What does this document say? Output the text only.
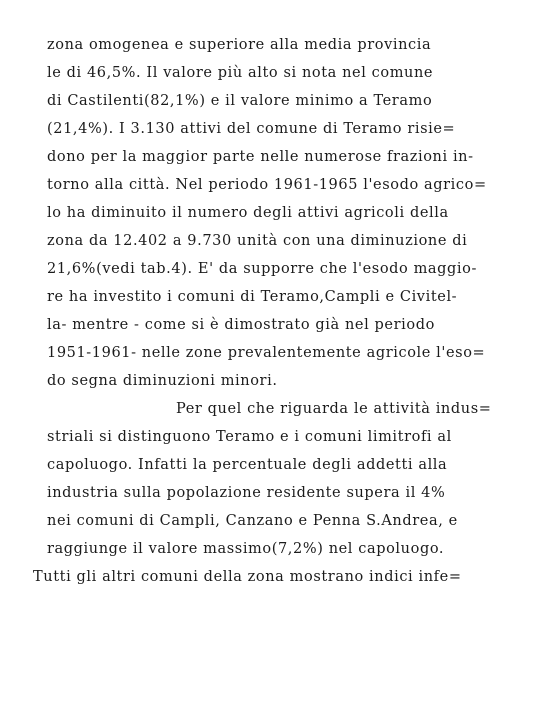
zona omogenea e superiore alla media provincia
le di 46,5%. Il valore più alto si nota nel comune
di Castilenti(82,1%) e il valore minimo a Teramo
(21,4%). I 3.130 attivi del comune di Teramo risie=
dono per la maggior parte nelle numerose frazioni in-
torno alla città. Nel periodo 1961-1965 l'esodo agrico=
lo ha diminuito il numero degli attivi agricoli della
zona da 12.402 a 9.730 unità con una diminuzione di
21,6%(vedi tab.4). E' da supporre che l'esodo maggio-
re ha investito i comuni di Teramo,Campli e Civitel-
la- mentre - come si è dimostrato già nel periodo
1951-1961- nelle zone prevalentemente agricole l'eso=
do segna diminuzioni minori.
Per quel che riguarda le attività indus=
striali si distinguono Teramo e i comuni limitrofi al
capoluogo. Infatti la percentuale degli addetti alla
industria sulla popolazione residente supera il 4%
nei comuni di Campli, Canzano e Penna S.Andrea, e
raggiunge il valore massimo(7,2%) nel capoluogo.
Tutti gli altri comuni della zona mostrano indici infe=
